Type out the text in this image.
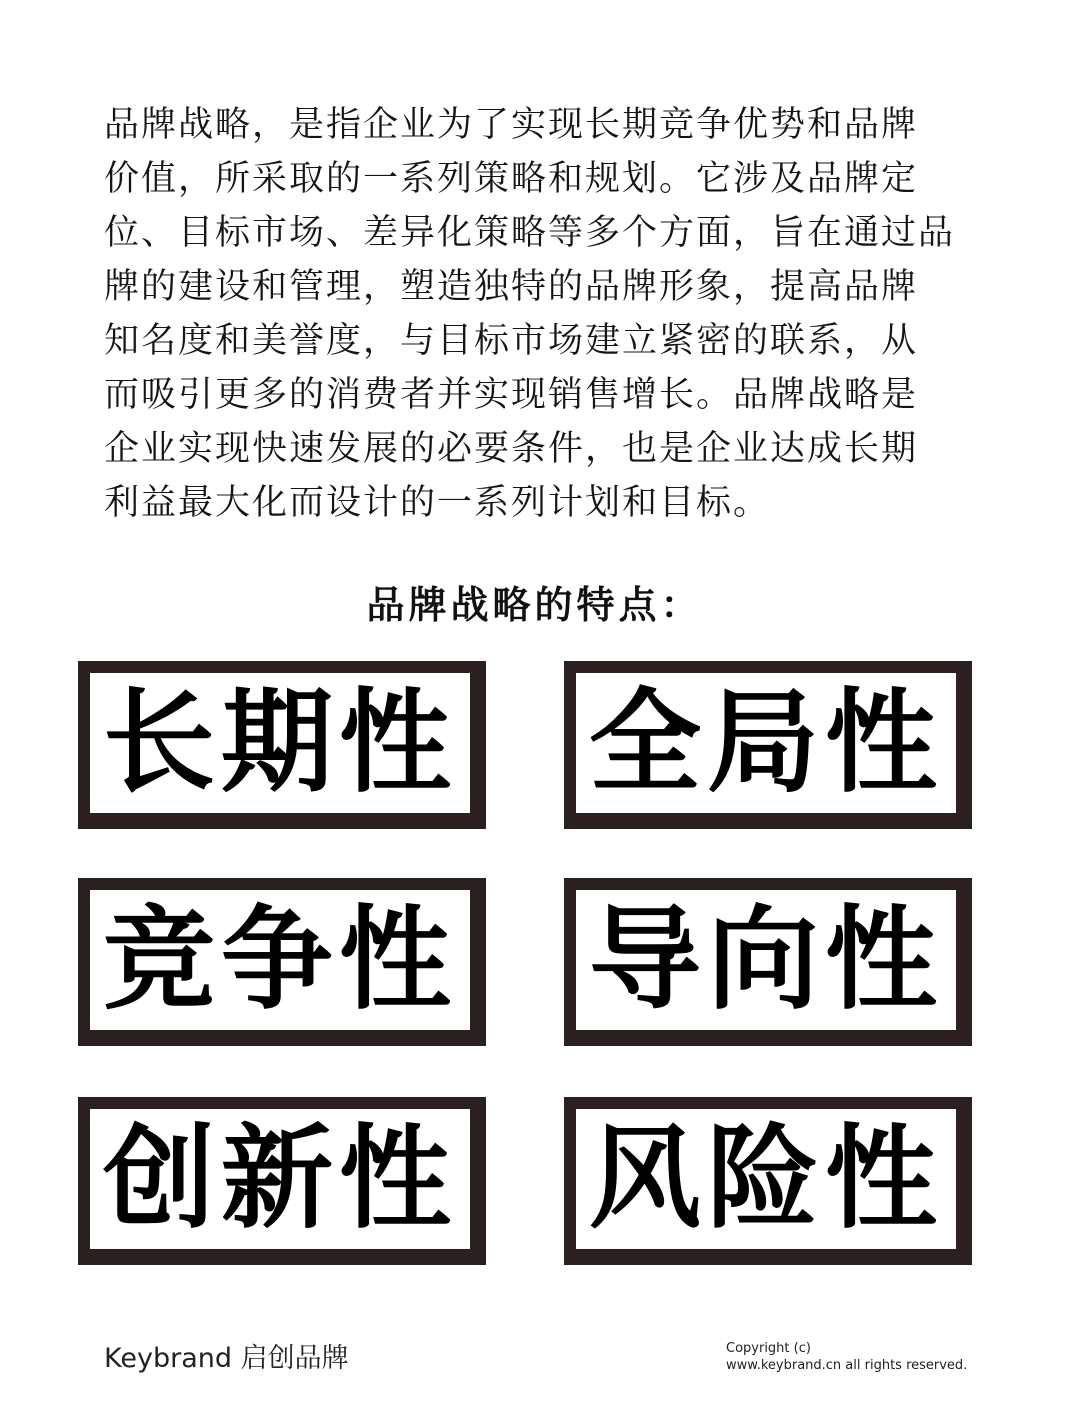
品牌战略，是指企业为了实现长期竞争优势和品牌
价值，所采取的一系列策略和规划。它涉及品牌定
位、目标市场、差异化策略等多个方面，旨在通过品
牌的建设和管理，塑造独特的品牌形象，提高品牌
知名度和美誉度，与目标市场建立紧密的联系，从
而吸引更多的消费者并实现销售增长。品牌战略是
企业实现快速发展的必要条件，也是企业达成长期
利益最大化而设计的一系列计划和目标。
品牌战略的特点：
长期性 全局性
竞争性 导向性
创新性 风险性
Keybrand 启创品牌	Copyright (c)
www.keybrand.cn all rights reserved.
